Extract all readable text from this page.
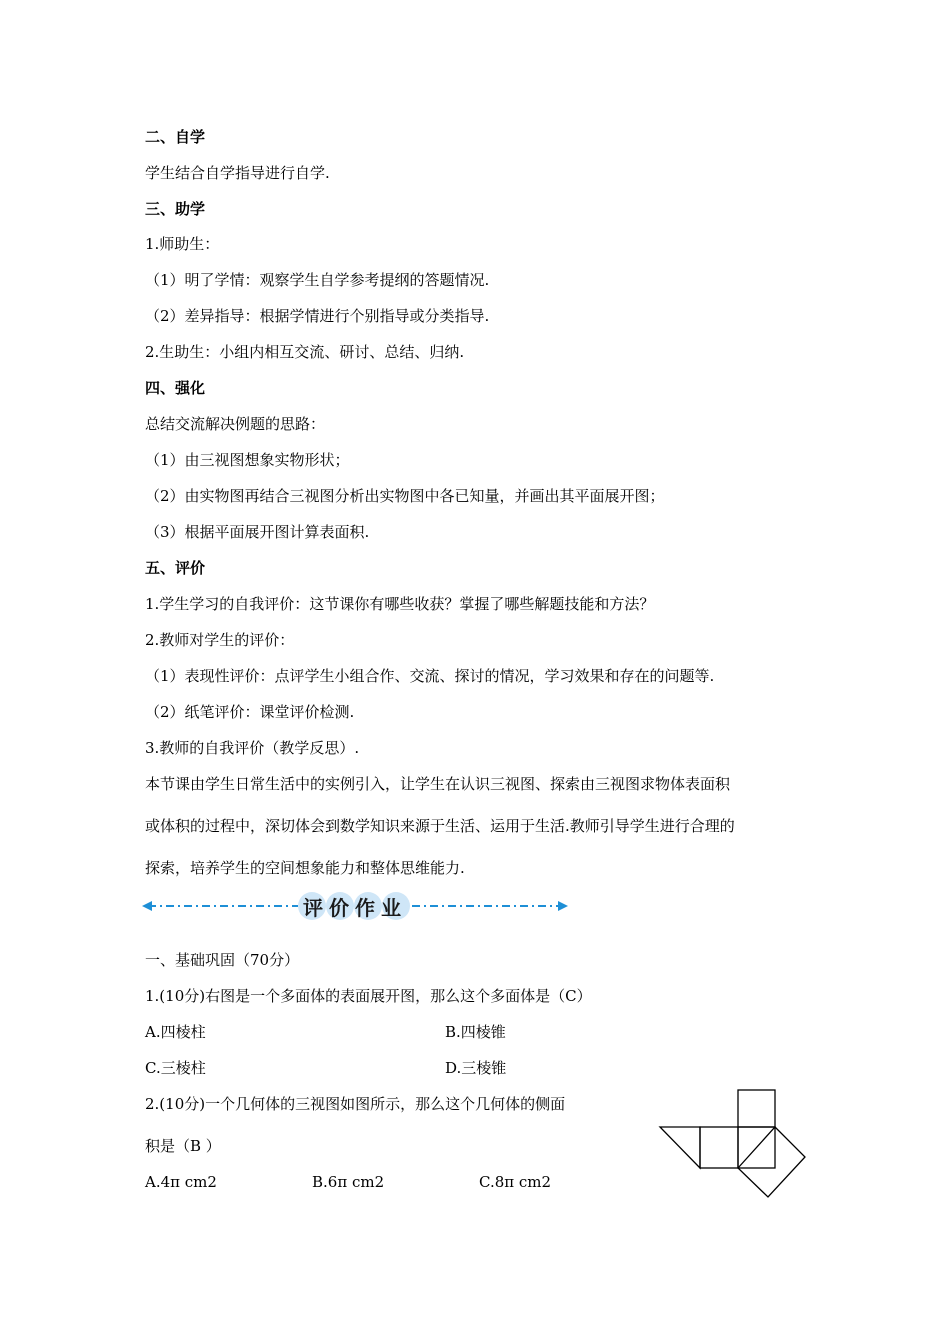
二、自学
学生结合自学指导进行自学.
三、助学
1.师助生：
（1）明了学情：观察学生自学参考提纲的答题情况.
（2）差异指导：根据学情进行个别指导或分类指导.
2.生助生：小组内相互交流、研讨、总结、归纳.
四、强化
总结交流解决例题的思路：
（1）由三视图想象实物形状；
（2）由实物图再结合三视图分析出实物图中各已知量，并画出其平面展开图；
（3）根据平面展开图计算表面积.
五、评价
1.学生学习的自我评价：这节课你有哪些收获？掌握了哪些解题技能和方法？
2.教师对学生的评价：
（1）表现性评价：点评学生小组合作、交流、探讨的情况，学习效果和存在的问题等.
（2）纸笔评价：课堂评价检测.
3.教师的自我评价（教学反思）.
本节课由学生日常生活中的实例引入，让学生在认识三视图、探索由三视图求物体表面积
或体积的过程中，深切体会到数学知识来源于生活、运用于生活.教师引导学生进行合理的
探索，培养学生的空间想象能力和整体思维能力.
评价作业
一、基础巩固（70分）
1.(10分)右图是一个多面体的表面展开图，那么这个多面体是（C）
A.四棱柱	B.四棱锥
C.三棱柱	D.三棱锥
2.(10分)一个几何体的三视图如图所示，那么这个几何体的侧面
积是（B ）
A.4π cm2	B.6π cm2	C.8π cm2
